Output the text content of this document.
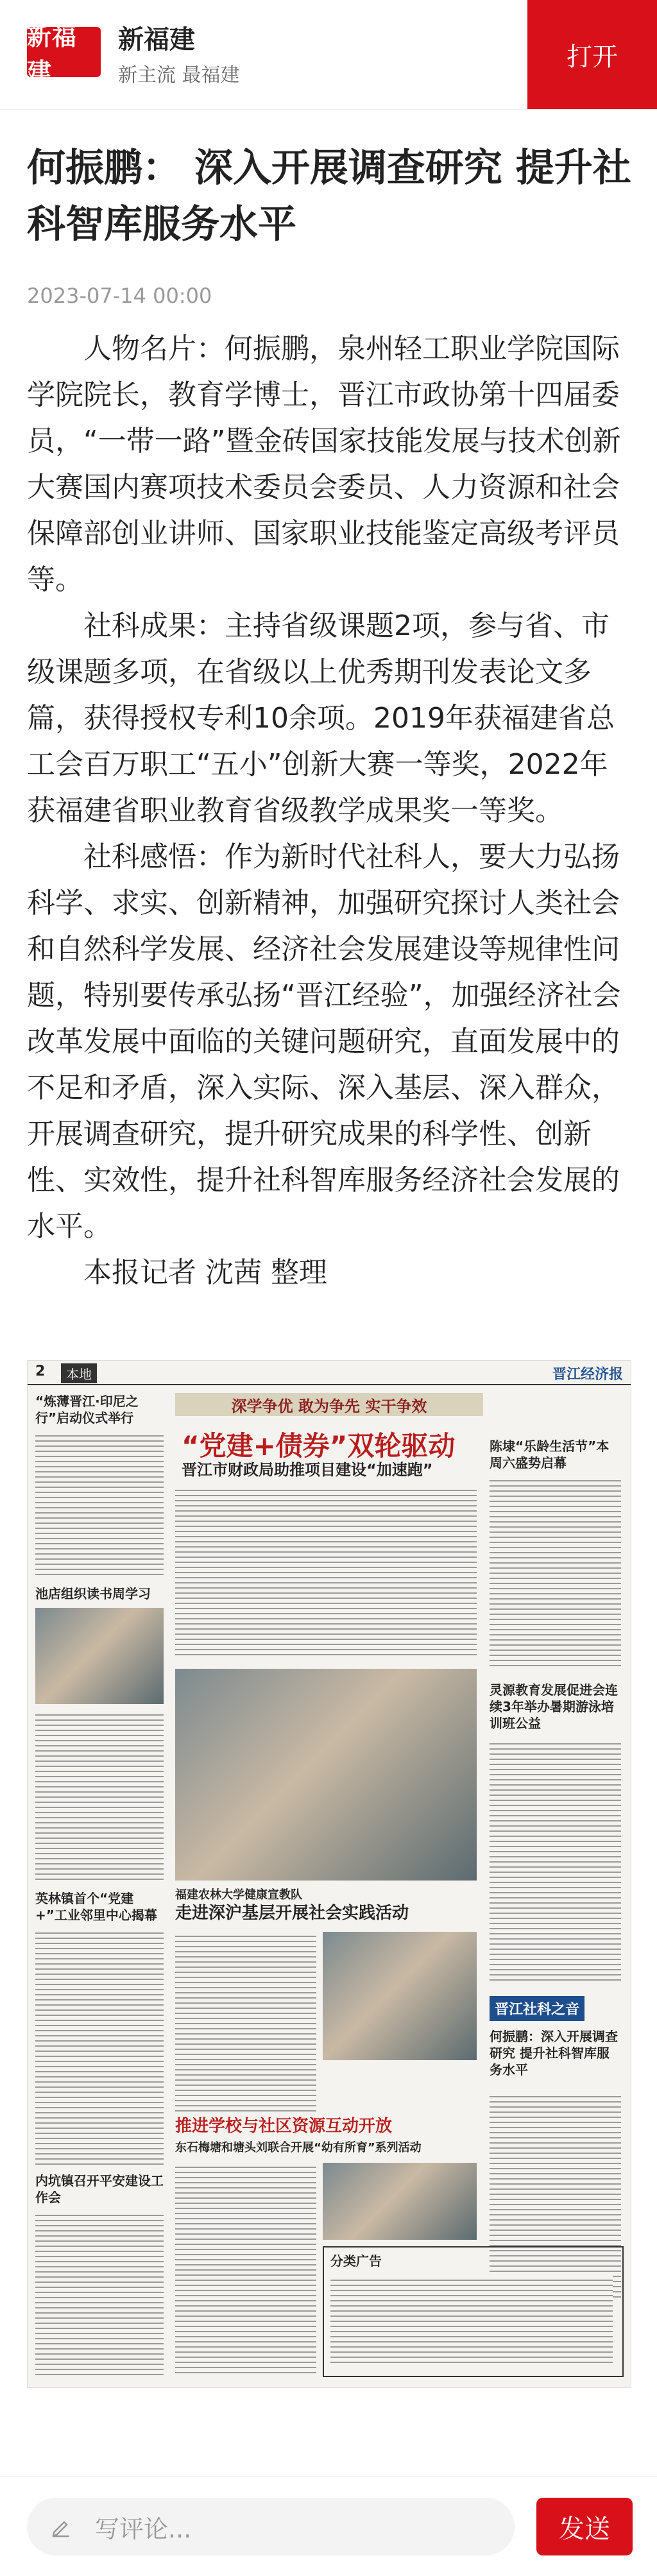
新福建
新福建
新主流 最福建
打开
何振鹏： 深入开展调查研究 提升社科智库服务水平
2023-07-14 00:00

人物名片：何振鹏，泉州轻工职业学院国际学院院长，教育学博士，晋江市政协第十四届委员，“一带一路”暨金砖国家技能发展与技术创新大赛国内赛项技术委员会委员、人力资源和社会保障部创业讲师、国家职业技能鉴定高级考评员等。

社科成果：主持省级课题2项，参与省、市级课题多项，在省级以上优秀期刊发表论文多篇，获得授权专利10余项。2019年获福建省总工会百万职工“五小”创新大赛一等奖，2022年获福建省职业教育省级教学成果奖一等奖。

社科感悟：作为新时代社科人，要大力弘扬科学、求实、创新精神，加强研究探讨人类社会和自然科学发展、经济社会发展建设等规律性问题，特别要传承弘扬“晋江经验”，加强经济社会改革发展中面临的关键问题研究，直面发展中的不足和矛盾，深入实际、深入基层、深入群众，开展调查研究，提升研究成果的科学性、创新性、实效性，提升社科智库服务经济社会发展的水平。

本报记者 沈茜 整理

2	本地	晋江经济报
“炼薄晋江·印尼之行”启动仪式举行
池店组织读书周学习
英林镇首个“党建+”工业邻里中心揭幕
内坑镇召开平安建设工作会
深学争优 敢为争先 实干争效
“党建+债券”双轮驱动
晋江市财政局助推项目建设“加速跑”
陈埭“乐龄生活节”本周六盛势启幕
灵源教育发展促进会连续3年举办暑期游泳培训班公益
晋江社科之音
何振鹏：深入开展调查研究 提升社科智库服务水平
福建农林大学健康宣教队
走进深沪基层开展社会实践活动
推进学校与社区资源互动开放
东石梅塘和塘头刘联合开展“幼有所育”系列活动
分类广告
写评论...	发送
